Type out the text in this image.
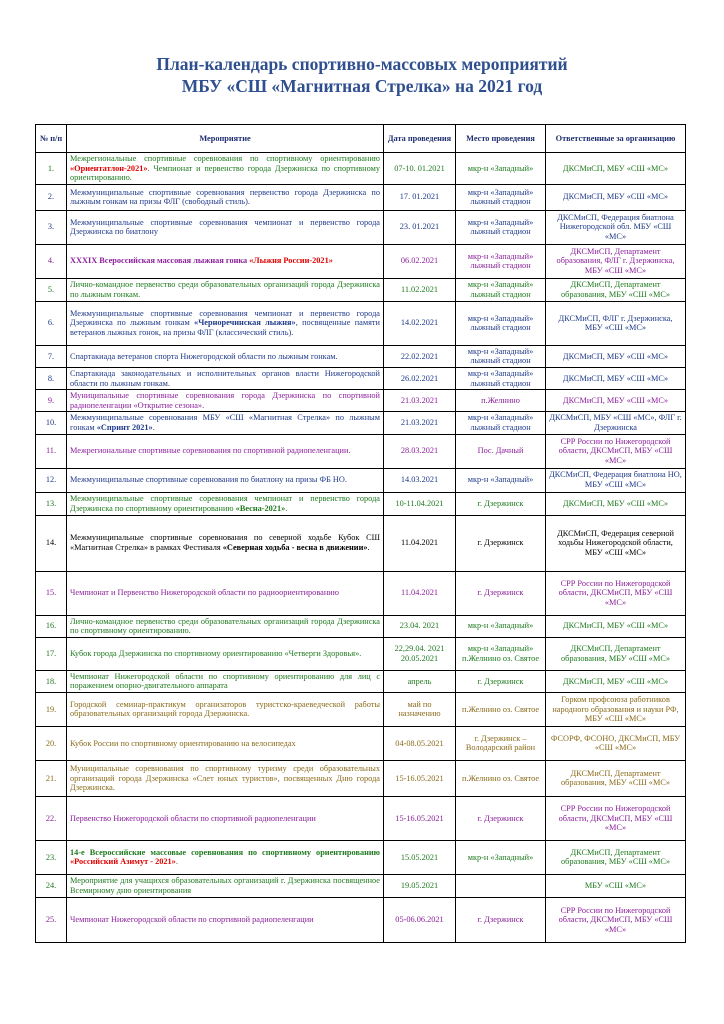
План-календарь спортивно-массовых мероприятий
МБУ «СШ «Магнитная Стрелка» на 2021 год
№ п/п	Мероприятие	Дата проведения	Место проведения	Ответственные за организацию
1.	Межрегиональные спортивные соревнования по спортивному ориентированию «Ориентатлон-2021». Чемпионат и первенство города Дзержинска по спортивному ориентированию.	07-10. 01.2021	мкр-н «Западный»	ДКСМиСП, МБУ «СШ «МС»
2.	Межмуниципальные спортивные соревнования первенство города Дзержинска по лыжным гонкам на призы ФЛГ (свободный стиль).	17. 01.2021	мкр-н «Западный» лыжный стадион	ДКСМиСП, МБУ «СШ «МС»
3.	Межмуниципальные спортивные соревнования чемпионат и первенство города Дзержинска по биатлону	23. 01.2021	мкр-н «Западный» лыжный стадион	ДКСМиСП, Федерация биатлона Нижегородской обл. МБУ «СШ «МС»
4.	XXXIX Всероссийская массовая лыжная гонка «Лыжня России-2021»	06.02.2021	мкр-н «Западный» лыжный стадион	ДКСМиСП, Департамент образования, ФЛГ г. Дзержинска, МБУ «СШ «МС»
5.	Лично-командное первенство среди образовательных организаций города Дзержинска по лыжным гонкам.	11.02.2021	мкр-н «Западный» лыжный стадион	ДКСМиСП, Департамент образования, МБУ «СШ «МС»
6.	Межмуниципальные спортивные соревнования чемпионат и первенство города Дзержинска по лыжным гонкам «Черноречинская лыжня», посвященные памяти ветеранов лыжных гонок, на призы ФЛГ (классический стиль).	14.02.2021	мкр-н «Западный» лыжный стадион	ДКСМиСП, ФЛГ г. Дзержинска, МБУ «СШ «МС»
7.	Спартакиада ветеранов спорта Нижегородской области по лыжным гонкам.	22.02.2021	мкр-н «Западный» лыжный стадион	ДКСМиСП, МБУ «СШ «МС»
8.	Спартакиада законодательных и исполнительных органов власти Нижегородской области по лыжным гонкам.	26.02.2021	мкр-н «Западный» лыжный стадион	ДКСМиСП, МБУ «СШ «МС»
9.	Муниципальные спортивные соревнования города Дзержинска по спортивной радиопеленгации «Открытие сезона».	21.03.2021	п.Желнино	ДКСМиСП, МБУ «СШ «МС»
10.	Межмуниципальные соревнования МБУ «СШ «Магнитная Стрелка» по лыжным гонкам «Спринт 2021».	21.03.2021	мкр-н «Западный» лыжный стадион	ДКСМиСП, МБУ «СШ «МС», ФЛГ г. Дзержинска
11.	Межрегиональные спортивные соревнования по спортивной радиопеленгации.	28.03.2021	Пос. Дачный	СРР России по Нижегородской области, ДКСМиСП, МБУ «СШ «МС»
12.	Межмуниципальные спортивные соревнования по биатлону на призы ФБ НО.	14.03.2021	мкр-н «Западный»	ДКСМиСП, Федерация биатлона НО, МБУ «СШ «МС»
13.	Межмуниципальные спортивные соревнования чемпионат и первенство города Дзержинска по спортивному ориентированию «Весна-2021».	10-11.04.2021	г. Дзержинск	ДКСМиСП, МБУ «СШ «МС»
14.	Межмуниципальные спортивные соревнования по северной ходьбе Кубок СШ «Магнитная Стрелка» в рамках Фестиваля «Северная ходьба - весна в движении».	11.04.2021	г. Дзержинск	ДКСМиСП, Федерация северной ходьбы Нижегородской области, МБУ «СШ «МС»
15.	Чемпионат и Первенство Нижегородской области по радиоориентированию	11.04.2021	г. Дзержинск	СРР России по Нижегородской области, ДКСМиСП, МБУ «СШ «МС»
16.	Лично-командное первенство среди образовательных организаций города Дзержинска по спортивному ориентированию.	23.04. 2021	мкр-н «Западный»	ДКСМиСП, МБУ «СШ «МС»
17.	Кубок города Дзержинска по спортивному ориентированию «Четверги Здоровья».	22,29.04. 2021 20.05.2021	мкр-н «Западный» п.Желнино оз. Святое	ДКСМиСП, Департамент образования, МБУ «СШ «МС»
18.	Чемпионат Нижегородской области по спортивному ориентированию для лиц с поражением опорно-двигательного аппарата	апрель	г. Дзержинск	ДКСМиСП, МБУ «СШ «МС»
19.	Городской семинар-практикум организаторов туристско-краеведческой работы образовательных организаций города Дзержинска.	май по назначению	п.Желнино оз. Святое	Горком профсоюза работников народного образования и науки РФ, МБУ «СШ «МС»
20.	Кубок России по спортивному ориентированию на велосипедах	04-08.05.2021	г. Дзержинск – Володарский район	ФСОРФ, ФСОНО, ДКСМиСП, МБУ «СШ «МС»
21.	Муниципальные соревнования по спортивному туризму среди образовательных организаций города Дзержинска «Слет юных туристов», посвященных Дню города Дзержинска.	15-16.05.2021	п.Желнино оз. Святое	ДКСМиСП, Департамент образования, МБУ «СШ «МС»
22.	Первенство Нижегородской области по спортивной радиопеленгации	15-16.05.2021	г. Дзержинск	СРР России по Нижегородской области, ДКСМиСП, МБУ «СШ «МС»
23.	14-е Всероссийские массовые соревнования по спортивному ориентированию «Российский Азимут - 2021».	15.05.2021	мкр-н «Западный»	ДКСМиСП, Департамент образования, МБУ «СШ «МС»
24.	Мероприятие для учащихся образовательных организаций г. Дзержинска посвященное Всемирному дню ориентирования	19.05.2021		МБУ «СШ «МС»
25.	Чемпионат Нижегородской области по спортивной радиопеленгации	05-06.06.2021	г. Дзержинск	СРР России по Нижегородской области, ДКСМиСП, МБУ «СШ «МС»
